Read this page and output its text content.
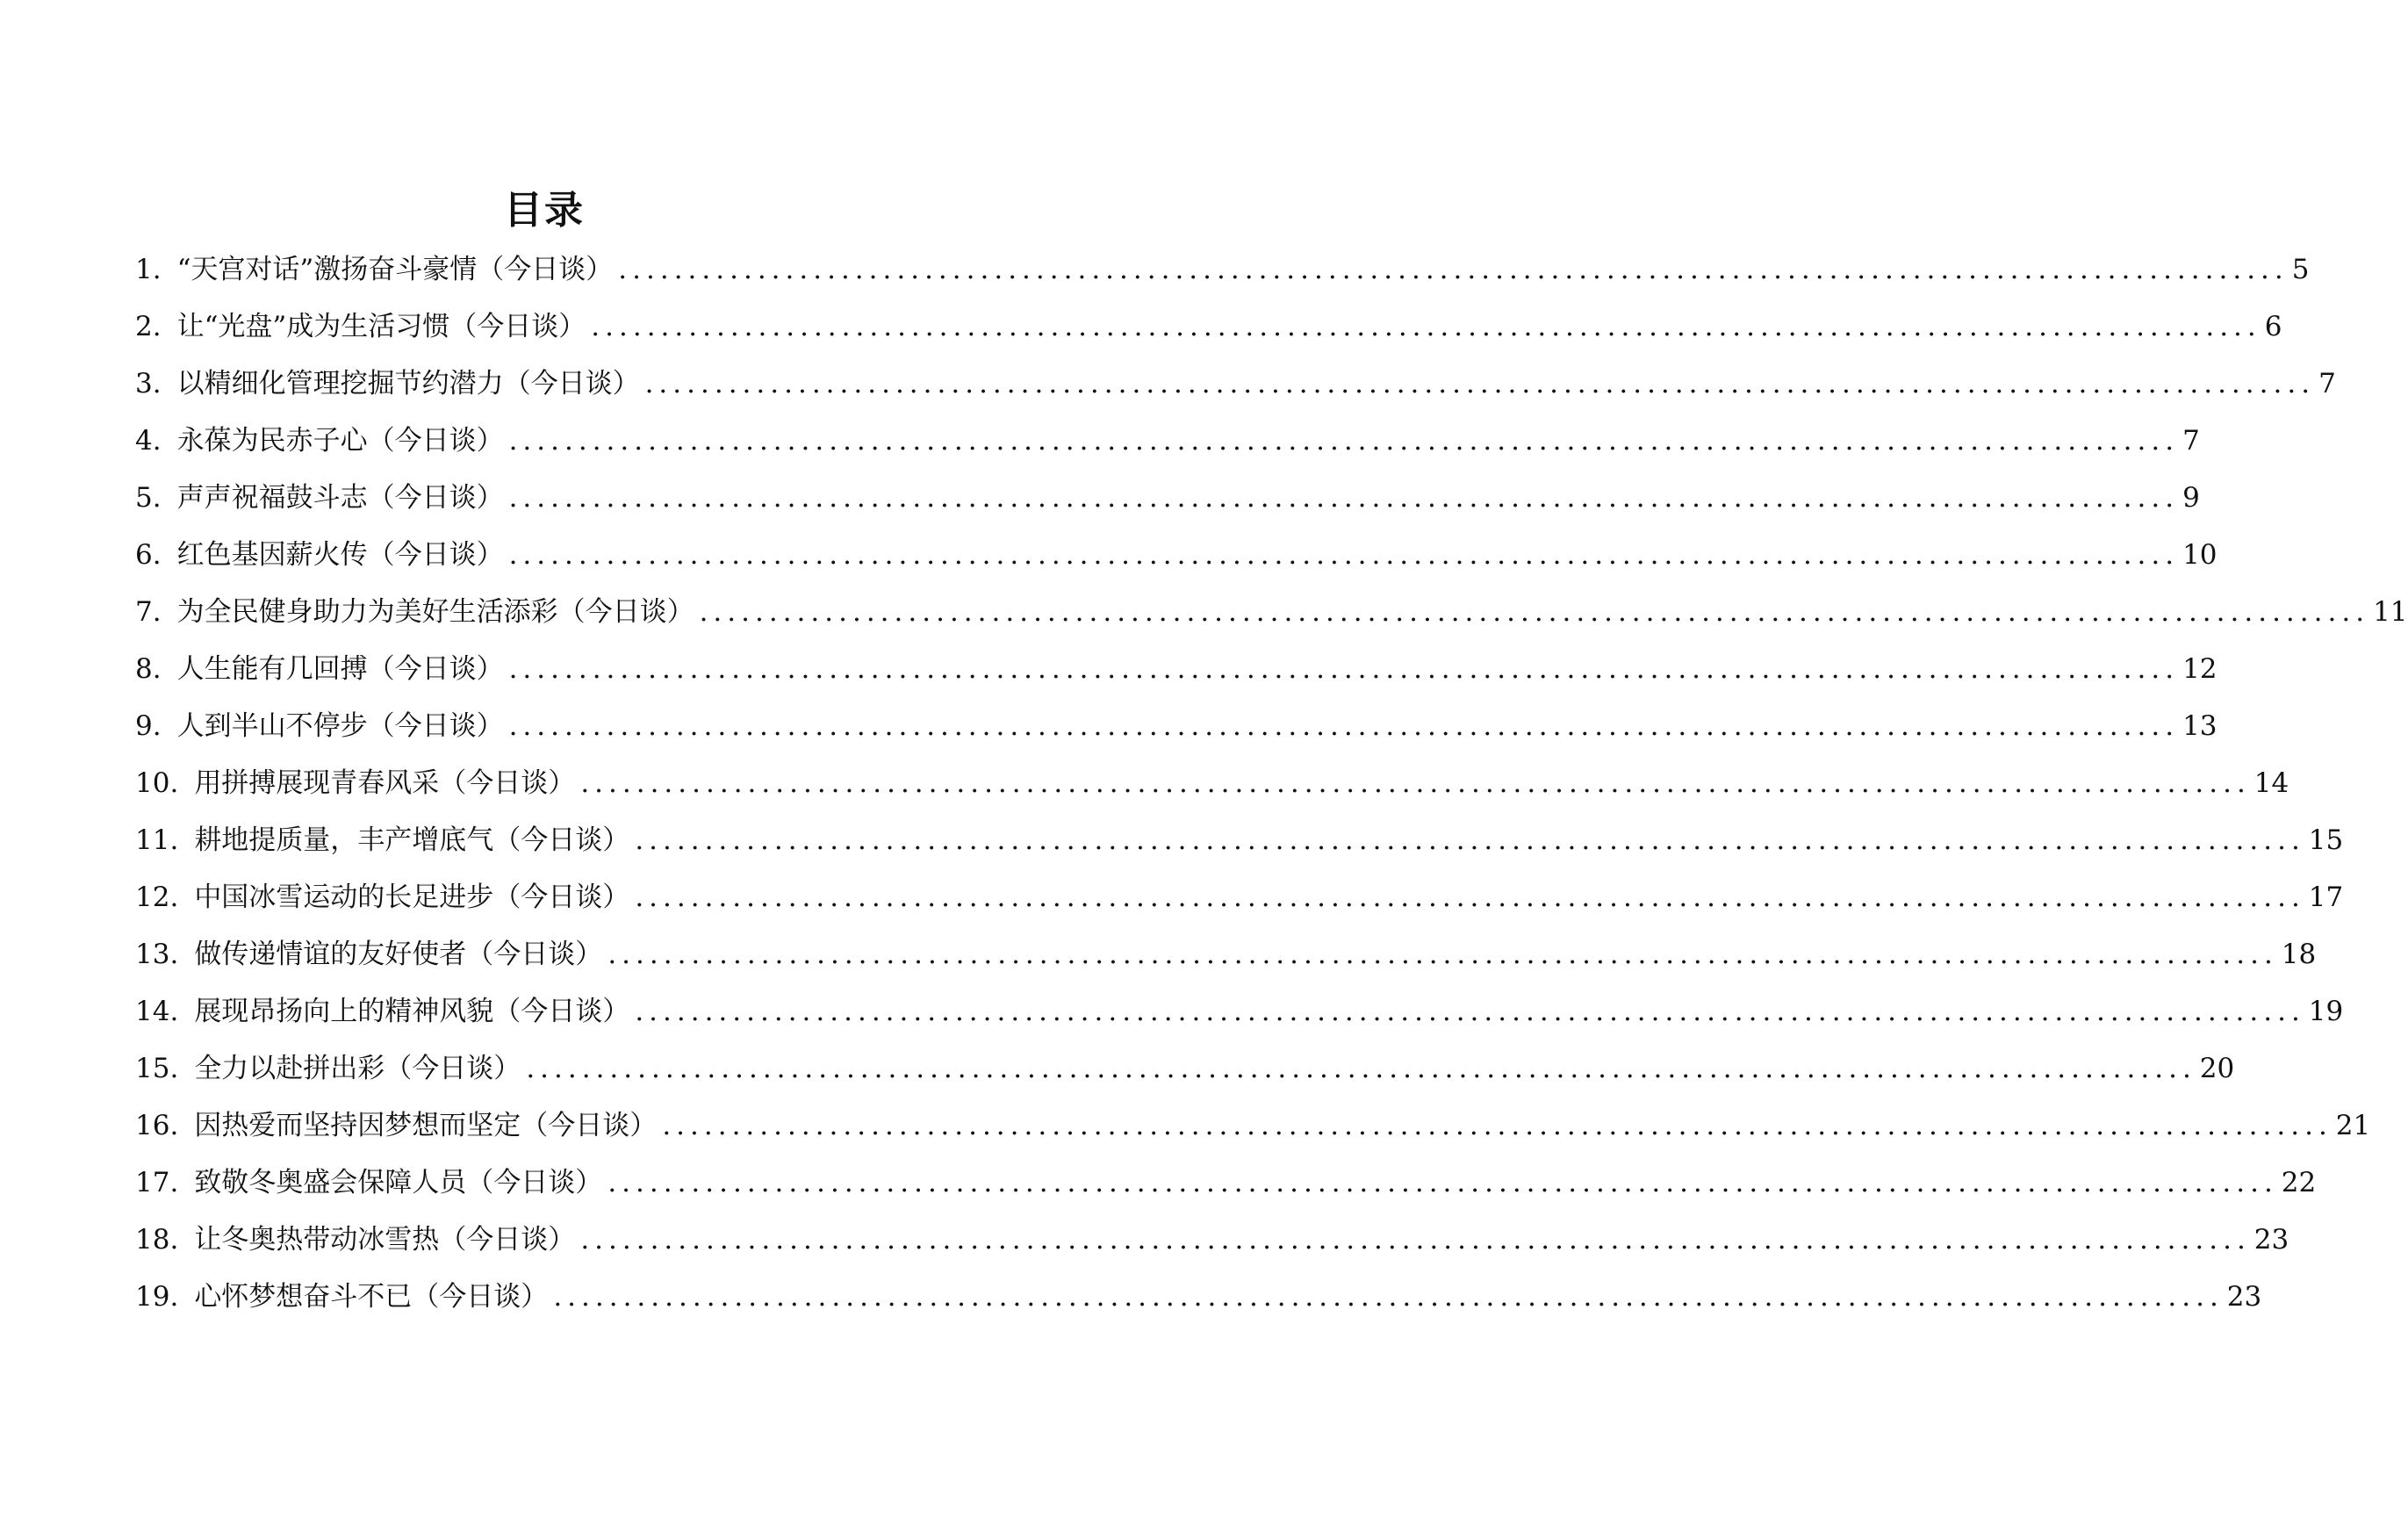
目录
1. “天宫对话”激扬奋斗豪情（今日谈） ........................................................................................................................ 5
2. 让“光盘”成为生活习惯（今日谈） ........................................................................................................................ 6
3. 以精细化管理挖掘节约潜力（今日谈） ........................................................................................................................ 7
4. 永葆为民赤子心（今日谈） ........................................................................................................................ 7
5. 声声祝福鼓斗志（今日谈） ........................................................................................................................ 9
6. 红色基因薪火传（今日谈） ........................................................................................................................ 10
7. 为全民健身助力为美好生活添彩（今日谈） ........................................................................................................................ 11
8. 人生能有几回搏（今日谈） ........................................................................................................................ 12
9. 人到半山不停步（今日谈） ........................................................................................................................ 13
10. 用拼搏展现青春风采（今日谈） ........................................................................................................................ 14
11. 耕地提质量，丰产增底气（今日谈） ........................................................................................................................ 15
12. 中国冰雪运动的长足进步（今日谈） ........................................................................................................................ 17
13. 做传递情谊的友好使者（今日谈） ........................................................................................................................ 18
14. 展现昂扬向上的精神风貌（今日谈） ........................................................................................................................ 19
15. 全力以赴拼出彩（今日谈） ........................................................................................................................ 20
16. 因热爱而坚持因梦想而坚定（今日谈） ........................................................................................................................ 21
17. 致敬冬奥盛会保障人员（今日谈） ........................................................................................................................ 22
18. 让冬奥热带动冰雪热（今日谈） ........................................................................................................................ 23
19. 心怀梦想奋斗不已（今日谈） ........................................................................................................................ 23
